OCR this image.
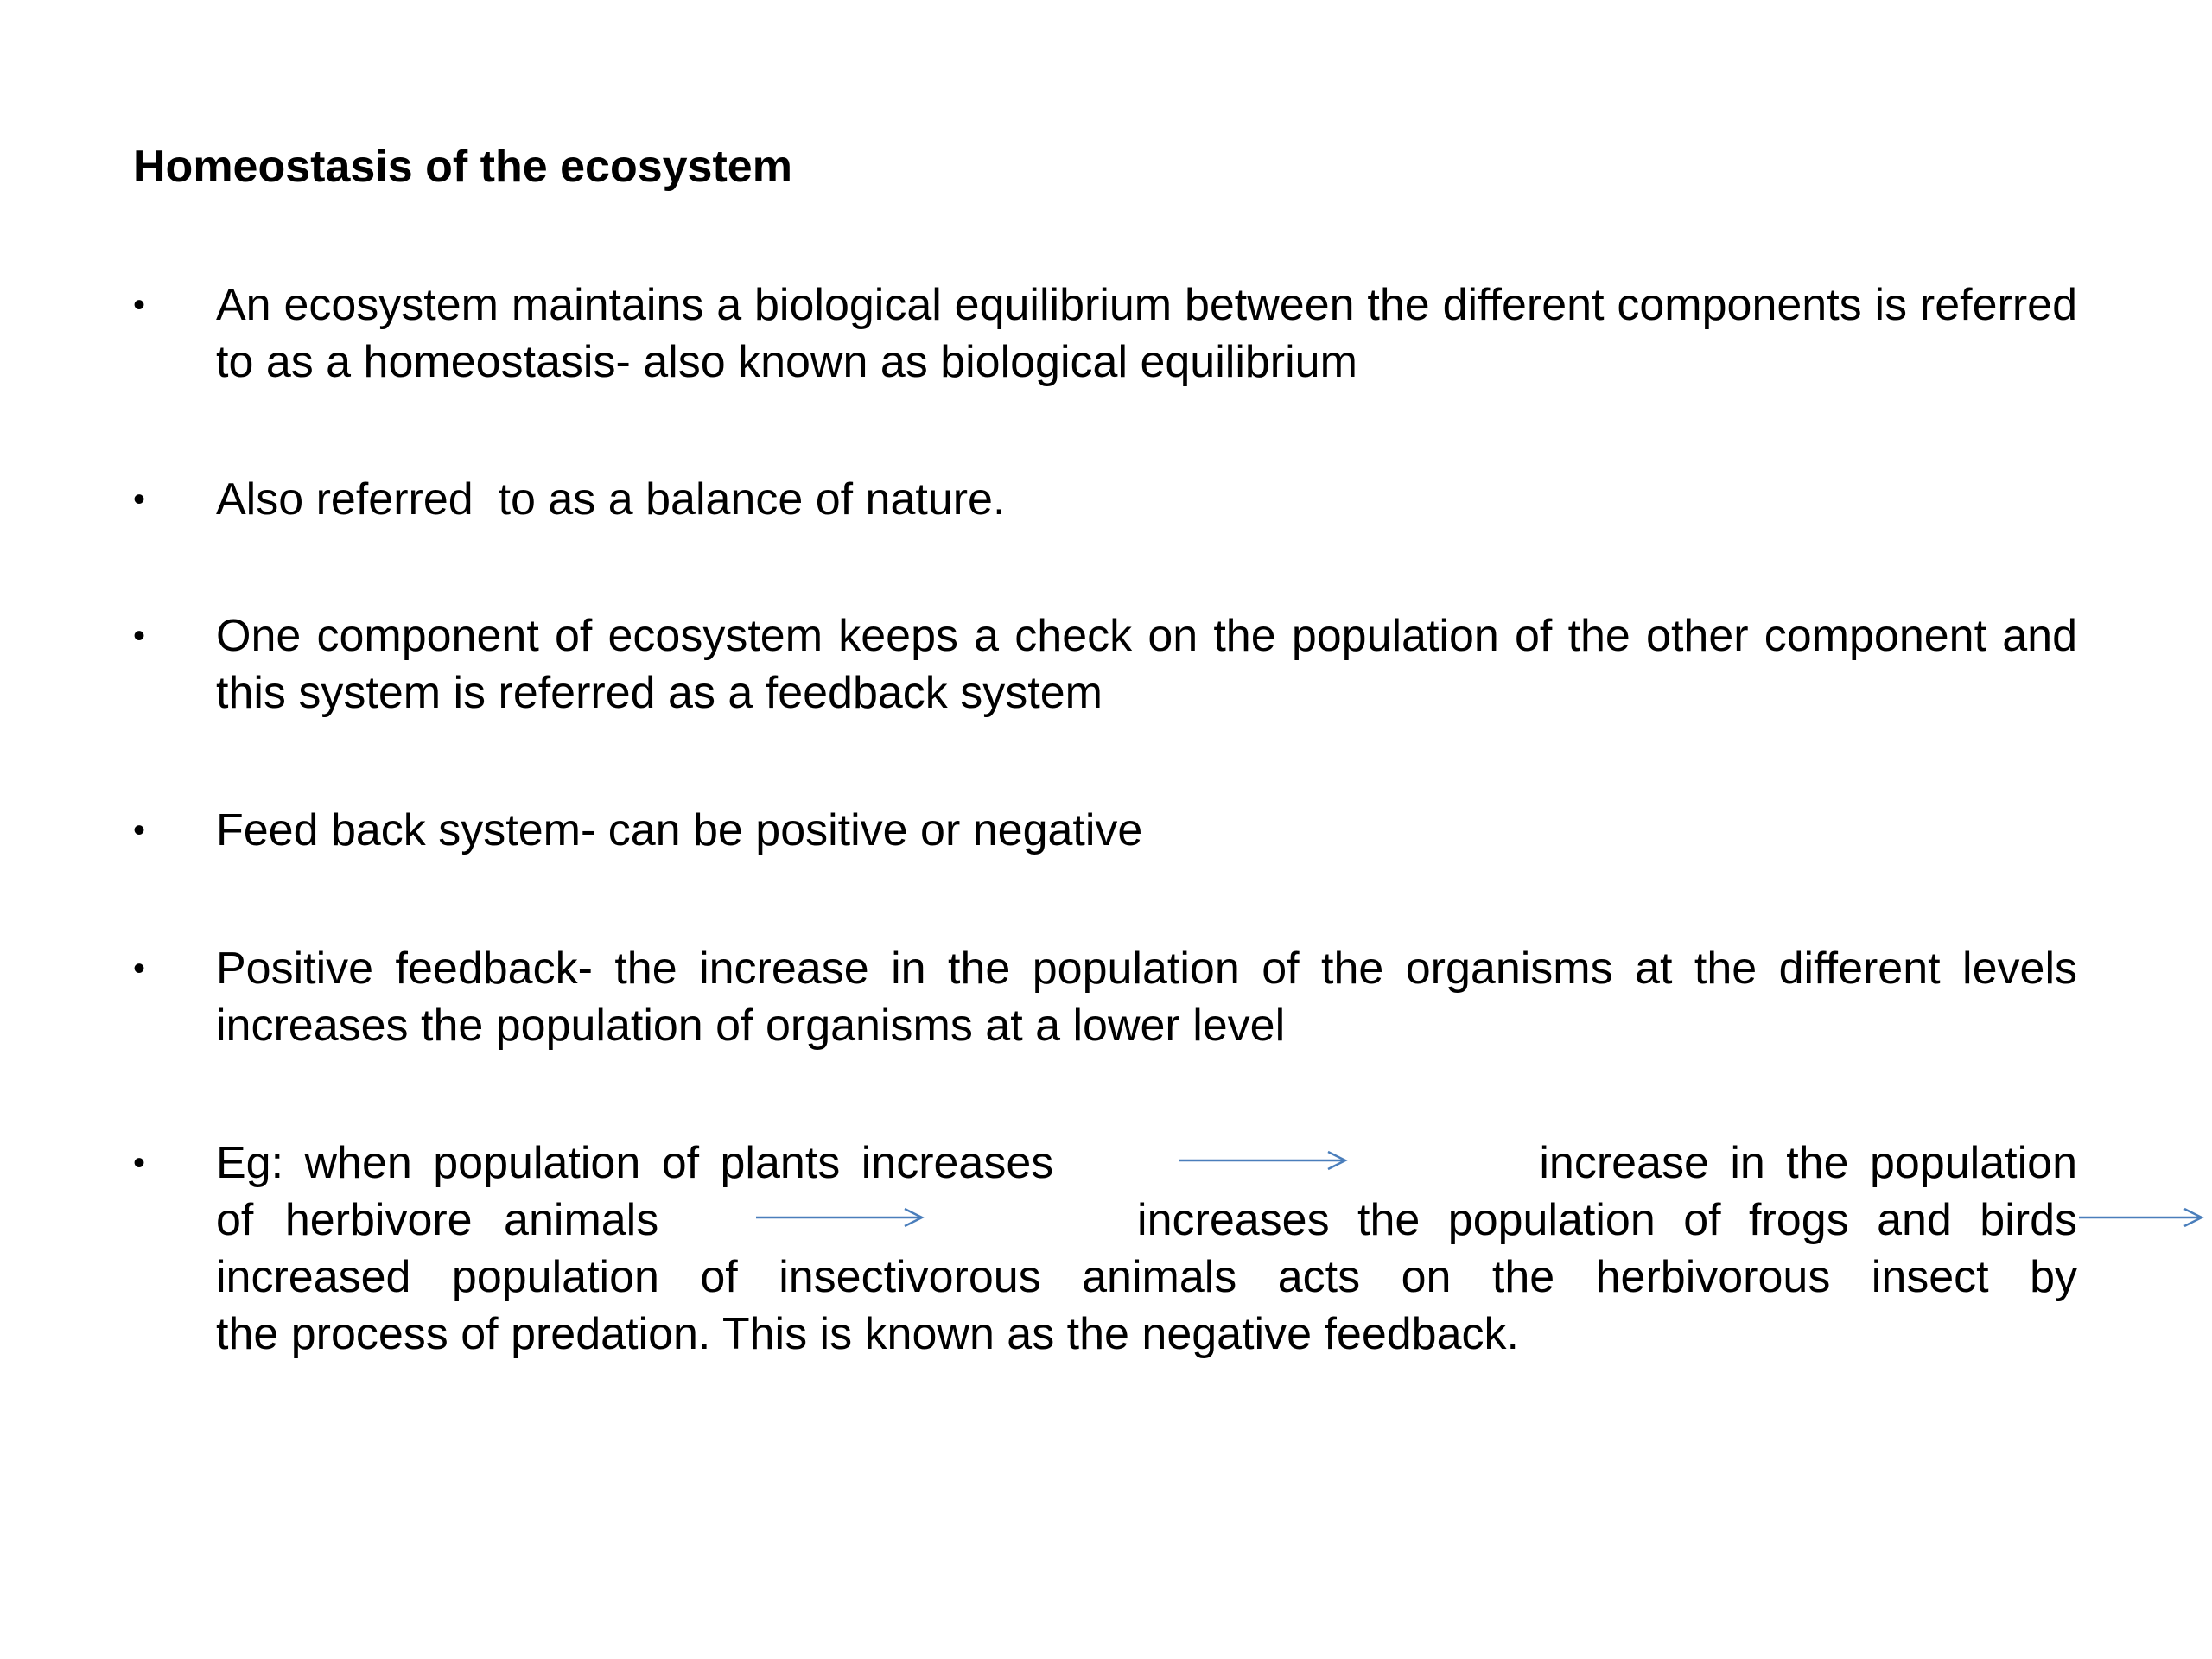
Homeostasis of the ecosystem
•	An ecosystem maintains a biological equilibrium between the different components is referred to as a homeostasis- also known as biological equilibrium
•	Also referred  to as a balance of nature.
•	One component of ecosystem keeps a check on the population of the other component and this system is referred as a feedback system
•	Feed back system- can be positive or negative
•	Positive feedback- the increase in the population of the organisms at the different levels increases the population of organisms at a lower level
•	Eg: when population of plants increases	increase in the population
of herbivore animals	increases the population of frogs and birds
increased population of insectivorous animals acts on the herbivorous insect by
the process of predation. This is known as the negative feedback.
